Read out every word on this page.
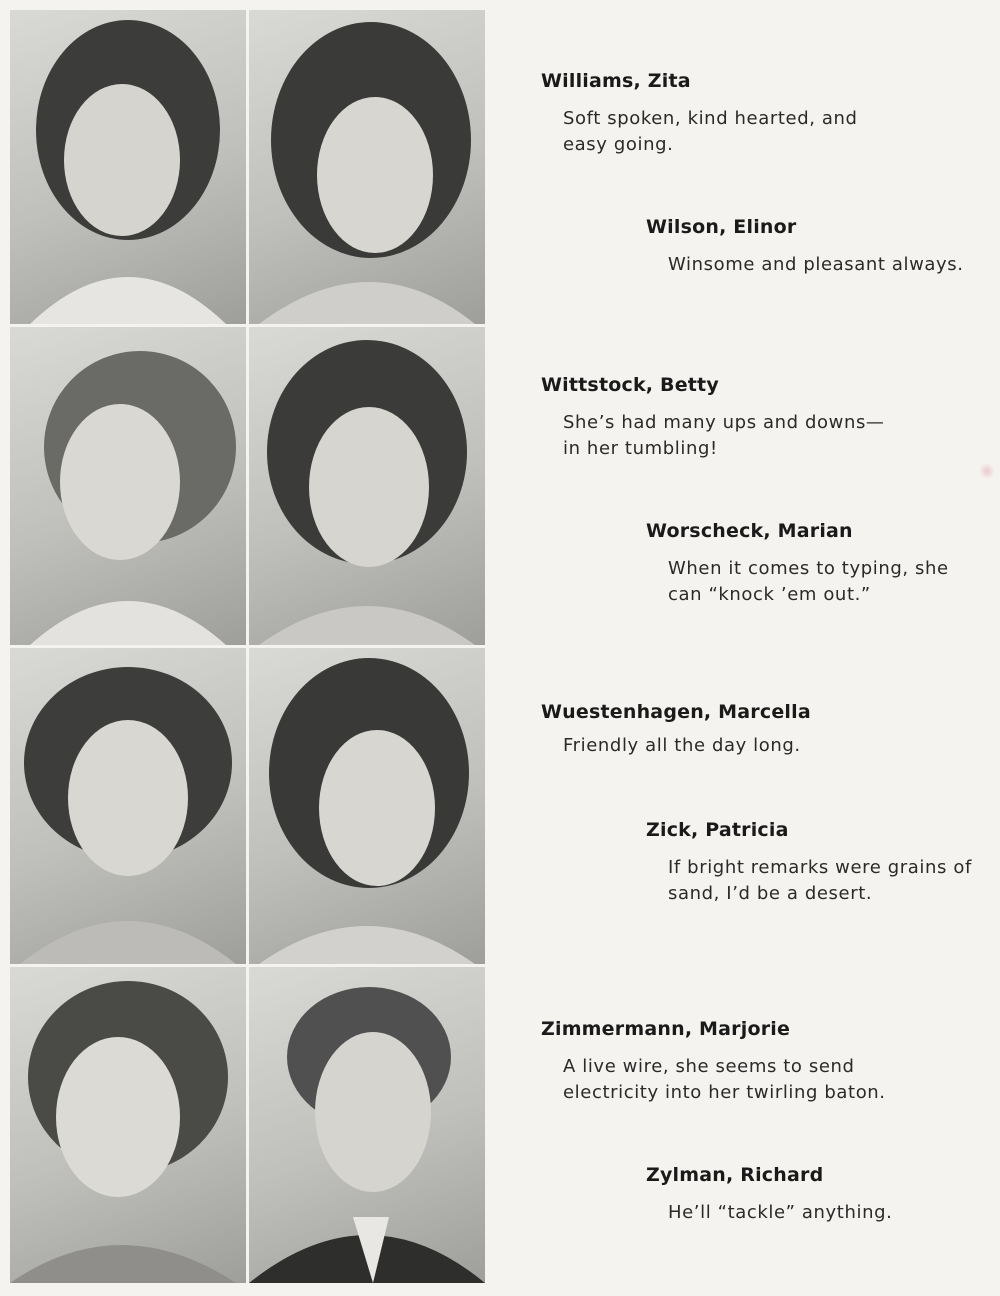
Williams, Zita
Soft spoken, kind hearted, and
easy going.
Wilson, Elinor
Winsome and pleasant always.
Wittstock, Betty
She’s had many ups and downs—
in her tumbling!
Worscheck, Marian
When it comes to typing, she
can “knock ’em out.”
Wuestenhagen, Marcella
Friendly all the day long.
Zick, Patricia
If bright remarks were grains of
sand, I’d be a desert.
Zimmermann, Marjorie
A live wire, she seems to send
electricity into her twirling baton.
Zylman, Richard
He’ll “tackle” anything.
